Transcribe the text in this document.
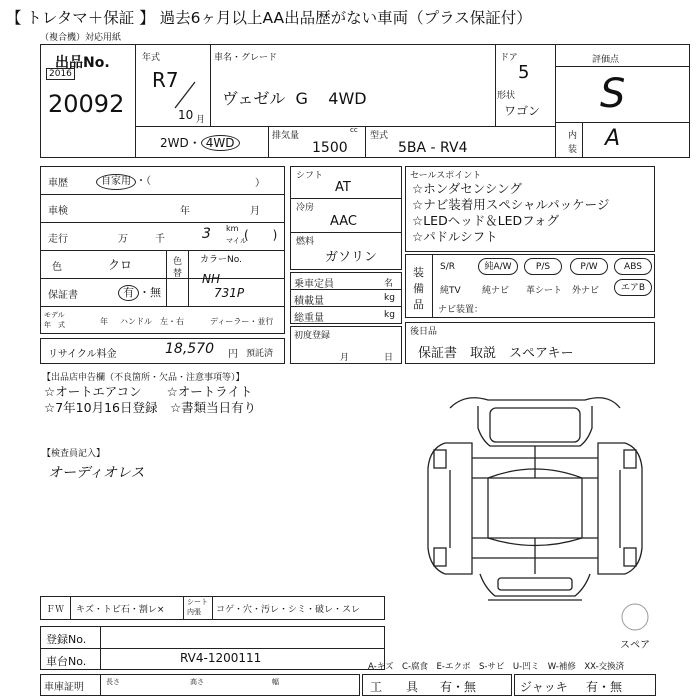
【 トレタマ＋保証 】 過去6ヶ月以上AA出品歴がない車両（プラス保証付）
（複合機）対応用紙
出品No.
2016
20092
年式
R7
10 月
車名・グレード
ヴェゼル G 4WD
ドア
5
形状
ワゴン
評価点
S
内
装 A
2WD・ 4WD	排気量
cc
1500
型式
5BA - RV4
車歴	自家用 ・（	）
車検	年	月
走行	万	千	3 km
マイル
(　　)
色	クロ	色
替
カラーNo.
NH
731P
保証書	有 ・無
モデル
年　式	年 ハンドル　左・右	ディーラー・並行
リサイクル料金	18,570 円 預託済
シフト
AT
冷房
AAC
燃料
ガソリン
乗車定員	名
積載量	kg
総重量	kg
初度登録
月	日
セールスポイント
☆ホンダセンシング
☆ナビ装着用スペシャルパッケージ
☆LEDヘッド＆LEDフォグ
☆パドルシフト
装
備
品
S/R	純A/W	P/S	P/W	ABS
純TV 純ナビ 革シート 外ナビ	エアB
ナビ装置：
後日品
保証書　取説　スペアキー
【出品店申告欄（不良箇所・欠品・注意事項等）】
☆オートエアコン　　☆オートライト
☆7年10月16日登録　☆書類当日有り
【検査員記入】
オーディオレス
スペア
ＦＷ キズ・トビ石・割レ×
シート
内張 コゲ・穴・汚レ・シミ・破レ・スレ
登録No.
車台No.	RV4-1200111
A-キズ　C-腐食　E-エクボ　S-サビ　U-凹ミ　W-補修　XX-交換済
車庫証明	長さ	高さ	幅	工　　具 有・無	ジャッキ 有・無
